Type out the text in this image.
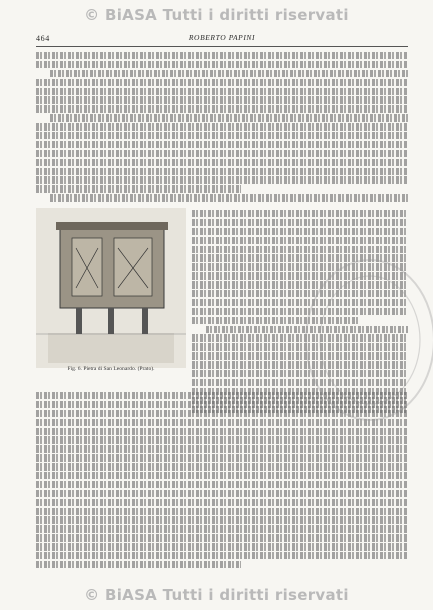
© BiASA Tutti i diritti riservati
464	ROBERTO PAPINI
Fig. 6. Pietra di San Leonardo. (Prato).
© BiASA Tutti i diritti riservati
